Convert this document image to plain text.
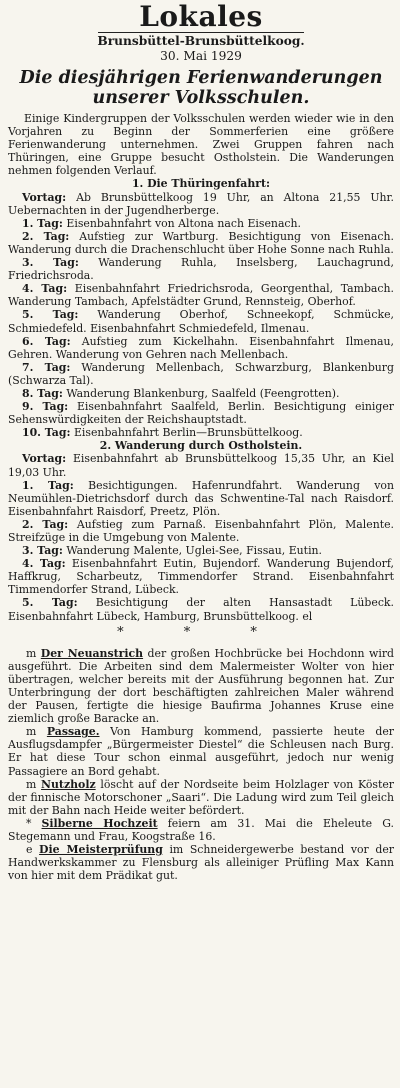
Lokales
Brunsbüttel-Brunsbüttelkoog.
30. Mai 1929
Die diesjährigen Ferienwanderungen unserer Volksschulen.

Einige Kindergruppen der Volksschulen werden wieder wie in den Vorjahren zu Beginn der Sommerferien eine größere Ferienwanderung unternehmen. Zwei Gruppen fahren nach Thüringen, eine Gruppe besucht Ostholstein. Die Wanderungen nehmen folgenden Verlauf.

1. Die Thüringenfahrt:

Vortag: Ab Brunsbüttelkoog 19 Uhr, an Altona 21,55 Uhr. Uebernachten in der Jugendherberge.

1. Tag: Eisenbahnfahrt von Altona nach Eisenach.

2. Tag: Aufstieg zur Wartburg. Besichtigung von Eisenach. Wanderung durch die Drachenschlucht über Hohe Sonne nach Ruhla.

3. Tag: Wanderung Ruhla, Inselsberg, Lauchagrund, Friedrichsroda.

4. Tag: Eisenbahnfahrt Friedrichsroda, Georgenthal, Tambach. Wanderung Tambach, Apfelstädter Grund, Rennsteig, Oberhof.

5. Tag: Wanderung Oberhof, Schneekopf, Schmücke, Schmiedefeld. Eisenbahnfahrt Schmiedefeld, Ilmenau.

6. Tag: Aufstieg zum Kickelhahn. Eisenbahnfahrt Ilmenau, Gehren. Wanderung von Gehren nach Mellenbach.

7. Tag: Wanderung Mellenbach, Schwarzburg, Blankenburg (Schwarza Tal).

8. Tag: Wanderung Blankenburg, Saalfeld (Feengrotten).

9. Tag: Eisenbahnfahrt Saalfeld, Berlin. Besichtigung einiger Sehenswürdigkeiten der Reichshauptstadt.

10. Tag: Eisenbahnfahrt Berlin—Brunsbüttelkoog.

2. Wanderung durch Ostholstein.

Vortag: Eisenbahnfahrt ab Brunsbüttelkoog 15,35 Uhr, an Kiel 19,03 Uhr.

1. Tag: Besichtigungen. Hafenrundfahrt. Wanderung von Neumühlen-Dietrichsdorf durch das Schwentine-Tal nach Raisdorf. Eisenbahnfahrt Raisdorf, Preetz, Plön.

2. Tag: Aufstieg zum Parnaß. Eisenbahnfahrt Plön, Malente. Streifzüge in die Umgebung von Malente.

3. Tag: Wanderung Malente, Uglei-See, Fissau, Eutin.

4. Tag: Eisenbahnfahrt Eutin, Bujendorf. Wanderung Bujendorf, Haffkrug, Scharbeutz, Timmendorfer Strand. Eisenbahnfahrt Timmendorfer Strand, Lübeck.

5. Tag: Besichtigung der alten Hansastadt Lübeck. Eisenbahnfahrt Lübeck, Hamburg, Brunsbüttelkoog. el

* * *

m Der Neuanstrich der großen Hochbrücke bei Hochdonn wird ausgeführt. Die Arbeiten sind dem Malermeister Wolter von hier übertragen, welcher bereits mit der Ausführung begonnen hat. Zur Unterbringung der dort beschäftigten zahlreichen Maler während der Pausen, fertigte die hiesige Baufirma Johannes Kruse eine ziemlich große Baracke an.

m Passage. Von Hamburg kommend, passierte heute der Ausflugsdampfer „Bürgermeister Diestel“ die Schleusen nach Burg. Er hat diese Tour schon einmal ausgeführt, jedoch nur wenig Passagiere an Bord gehabt.

m Nutzholz löscht auf der Nordseite beim Holzlager von Köster der finnische Motorschoner „Saari“. Die Ladung wird zum Teil gleich mit der Bahn nach Heide weiter befördert.

* Silberne Hochzeit feiern am 31. Mai die Eheleute G. Stegemann und Frau, Koogstraße 16.

e Die Meisterprüfung im Schneidergewerbe bestand vor der Handwerkskammer zu Flensburg als alleiniger Prüfling Max Kann von hier mit dem Prädikat gut.
